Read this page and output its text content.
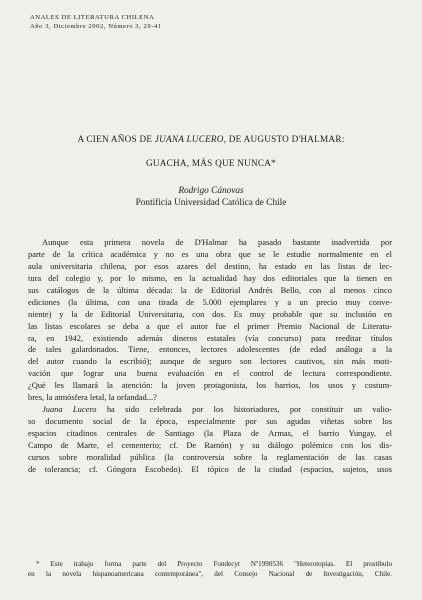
ANALES DE LITERATURA CHILENA
Año 3, Diciembre 2002, Número 3, 29-41
A CIEN AÑOS DE JUANA LUCERO, DE AUGUSTO D'HALMAR:
GUACHA, MÁS QUE NUNCA*
Rodrigo Cánovas
Pontificia Universidad Católica de Chile
Aunque esta primera novela de D'Halmar ha pasado bastante inadvertida por
parte de la crítica académica y no es una obra que se le estudie normalmente en el
aula universitaria chilena, por esos azares del destino, ha estado en las listas de lec-
tura del colegio y, por lo mismo, en la actualidad hay dos editoriales que la tienen en
sus catálogos de la última década: la de Editorial Andrés Bello, con al menos cinco
ediciones (la última, con una tirada de 5.000 ejemplares y a un precio muy conve-
niente) y la de Editorial Universitaria, con dos. Es muy probable que su inclusión en
las listas escolares se deba a que el autor fue el primer Premio Nacional de Literatu-
ra, en 1942, existiendo además dineros estatales (vía concurso) para reeditar títulos
de tales galardonados. Tiene, entonces, lectores adolescentes (de edad análoga a la
del autor cuando la escribió); aunque de seguro son lectores cautivos, sin más moti-
vación que lograr una buena evaluación en el control de lectura correspondiente.
¿Qué les llamará la atención: la joven protagonista, los barrios, los usos y costum-
bres, la atmósfera letal, la orfandad...?
Juana Lucero ha sido celebrada por los historiadores, por constituir un valio-
so documento social de la época, especialmente por sus agudas viñetas sobre los
espacios citadinos centrales de Santiago (la Plaza de Armas, el barrio Yungay, el
Campo de Marte, el cementerio; cf. De Ramón) y su diálogo polémico con los dis-
cursos sobre moralidad pública (la controversia sobre la reglamentación de las casas
de tolerancia; cf. Góngora Escobedo). El tópico de la ciudad (espacios, sujetos, usos
* Este trabajo forma parte del Proyecto Fondecyt Nº1990536 "Heterotopías. El prostíbulo
en la novela hispanoamericana contemporánea", del Consejo Nacional de Investigación, Chile.
